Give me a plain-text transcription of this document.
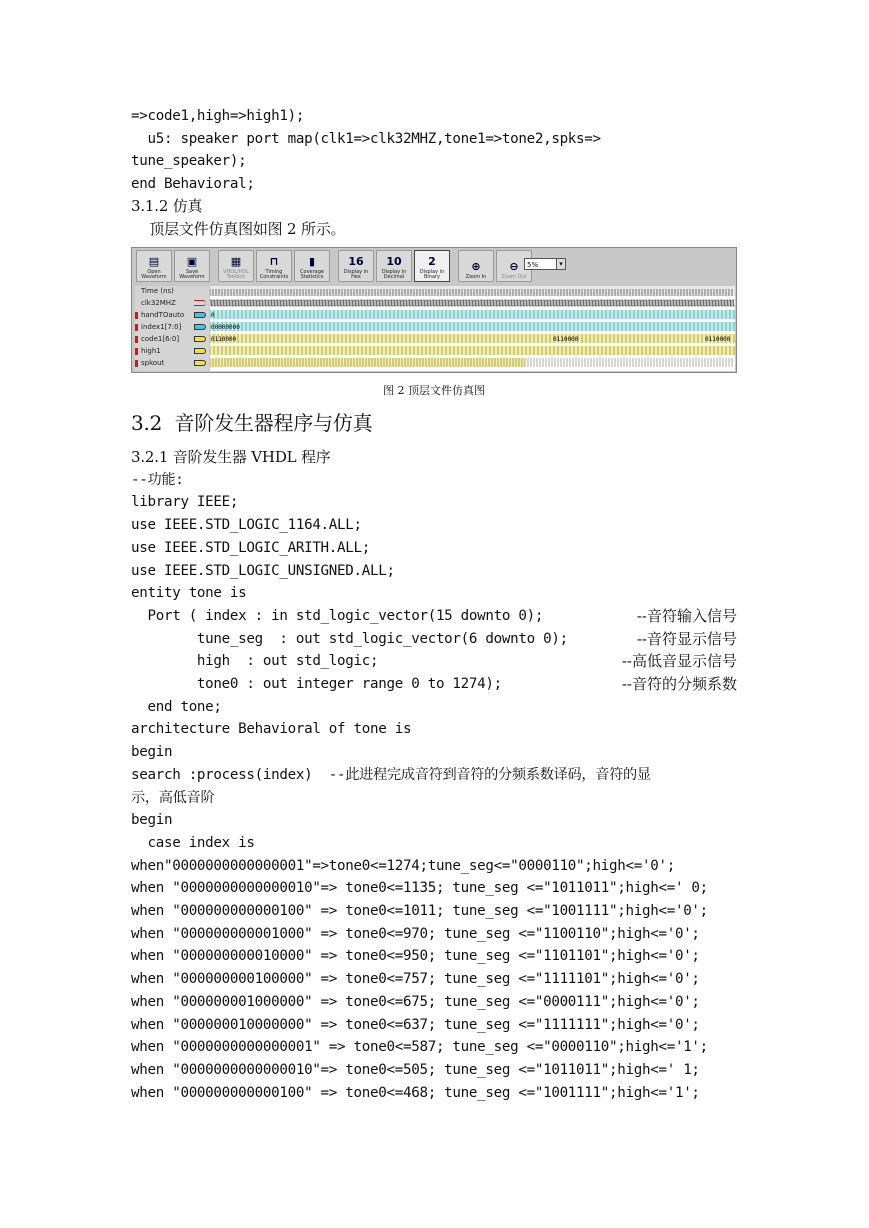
=>code1,high=>high1);
u5: speaker port map(clk1=>clk32MHZ,tone1=>tone2,spks=>
tune_speaker);
end Behavioral;
3.1.2 仿真
顶层文件仿真图如图 2 所示。
▤
Open Waveform
▣
Save Waveform
▦
VHDL/HDL Testbch
⊓
Timing Constraints
▮
Coverage Statistics
16
Display in Hex
10
Display in Decimal
2
Display in Binary
⊕
Zoom In
⊖
Zoom Out
5% ▾
Time (ns)
clk32MHZ
handTOauto
index1[7:0]
code1[6:0]
high1
spkout
0
00000000
0110000	0110000	0110000
图 2 顶层文件仿真图
3.2  音阶发生器程序与仿真
3.2.1 音阶发生器 VHDL 程序
--功能:
library IEEE;
use IEEE.STD_LOGIC_1164.ALL;
use IEEE.STD_LOGIC_ARITH.ALL;
use IEEE.STD_LOGIC_UNSIGNED.ALL;
entity tone is
Port ( index : in std_logic_vector(15 downto 0);	--音符输入信号
tune_seg  : out std_logic_vector(6 downto 0);	--音符显示信号
high  : out std_logic;	--高低音显示信号
tone0 : out integer range 0 to 1274);	--音符的分频系数
end tone;
architecture Behavioral of tone is
begin
search :process(index)  --此进程完成音符到音符的分频系数译码，音符的显
示，高低音阶
begin
case index is
when"0000000000000001"=>tone0<=1274;tune_seg<="0000110";high<='0';
when "0000000000000010"=> tone0<=1135; tune_seg <="1011011";high<=' 0;
when "000000000000100" => tone0<=1011; tune_seg <="1001111";high<='0';
when "000000000001000" => tone0<=970; tune_seg <="1100110";high<='0';
when "000000000010000" => tone0<=950; tune_seg <="1101101";high<='0';
when "000000000100000" => tone0<=757; tune_seg <="1111101";high<='0';
when "000000001000000" => tone0<=675; tune_seg <="0000111";high<='0';
when "000000010000000" => tone0<=637; tune_seg <="1111111";high<='0';
when "0000000000000001" => tone0<=587; tune_seg <="0000110";high<='1';
when "0000000000000010"=> tone0<=505; tune_seg <="1011011";high<=' 1;
when "000000000000100" => tone0<=468; tune_seg <="1001111";high<='1';
